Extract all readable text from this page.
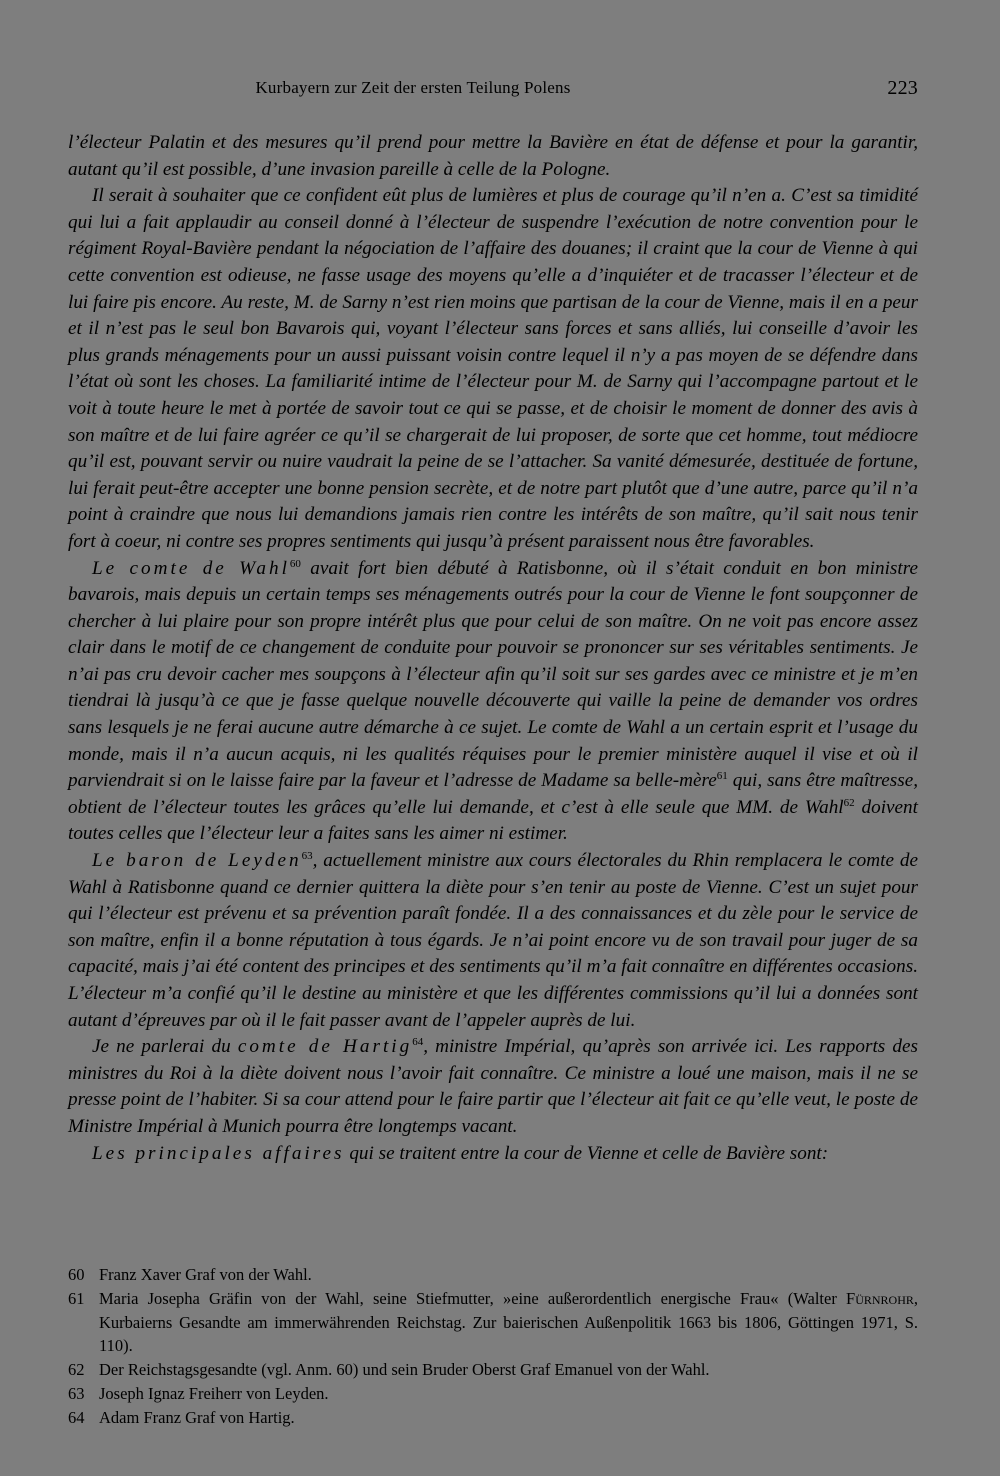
Kurbayern zur Zeit der ersten Teilung Polens	223

l’électeur Palatin et des mesures qu’il prend pour mettre la Bavière en état de défense et pour la garantir, autant qu’il est possible, d’une invasion pareille à celle de la Pologne.

Il serait à souhaiter que ce confident eût plus de lumières et plus de courage qu’il n’en a. C’est sa timidité qui lui a fait applaudir au conseil donné à l’électeur de suspendre l’exécution de notre convention pour le régiment Royal-Bavière pendant la négociation de l’affaire des douanes; il craint que la cour de Vienne à qui cette convention est odieuse, ne fasse usage des moyens qu’elle a d’inquiéter et de tracasser l’électeur et de lui faire pis encore. Au reste, M. de Sarny n’est rien moins que partisan de la cour de Vienne, mais il en a peur et il n’est pas le seul bon Bavarois qui, voyant l’électeur sans forces et sans alliés, lui conseille d’avoir les plus grands ménagements pour un aussi puissant voisin contre lequel il n’y a pas moyen de se défendre dans l’état où sont les choses. La familiarité intime de l’électeur pour M. de Sarny qui l’accompagne partout et le voit à toute heure le met à portée de savoir tout ce qui se passe, et de choisir le moment de donner des avis à son maître et de lui faire agréer ce qu’il se chargerait de lui proposer, de sorte que cet homme, tout médiocre qu’il est, pouvant servir ou nuire vaudrait la peine de se l’attacher. Sa vanité démesurée, destituée de fortune, lui ferait peut-être accepter une bonne pension secrète, et de notre part plutôt que d’une autre, parce qu’il n’a point à craindre que nous lui demandions jamais rien contre les intérêts de son maître, qu’il sait nous tenir fort à coeur, ni contre ses propres sentiments qui jusqu’à présent paraissent nous être favorables.

Le comte de Wahl$^{60}$ avait fort bien débuté à Ratisbonne, où il s’était conduit en bon ministre bavarois, mais depuis un certain temps ses ménagements outrés pour la cour de Vienne le font soupçonner de chercher à lui plaire pour son propre intérêt plus que pour celui de son maître. On ne voit pas encore assez clair dans le motif de ce changement de conduite pour pouvoir se prononcer sur ses véritables sentiments. Je n’ai pas cru devoir cacher mes soupçons à l’électeur afin qu’il soit sur ses gardes avec ce ministre et je m’en tiendrai là jusqu’à ce que je fasse quelque nouvelle découverte qui vaille la peine de demander vos ordres sans lesquels je ne ferai aucune autre démarche à ce sujet. Le comte de Wahl a un certain esprit et l’usage du monde, mais il n’a aucun acquis, ni les qualités réquises pour le premier ministère auquel il vise et où il parviendrait si on le laisse faire par la faveur et l’adresse de Madame sa belle-mère$^{61}$ qui, sans être maîtresse, obtient de l’électeur toutes les grâces qu’elle lui demande, et c’est à elle seule que MM. de Wahl$^{62}$ doivent toutes celles que l’électeur leur a faites sans les aimer ni estimer.

Le baron de Leyden$^{63}$, actuellement ministre aux cours électorales du Rhin remplacera le comte de Wahl à Ratisbonne quand ce dernier quittera la diète pour s’en tenir au poste de Vienne. C’est un sujet pour qui l’électeur est prévenu et sa prévention paraît fondée. Il a des connaissances et du zèle pour le service de son maître, enfin il a bonne réputation à tous égards. Je n’ai point encore vu de son travail pour juger de sa capacité, mais j’ai été content des principes et des sentiments qu’il m’a fait connaître en différentes occasions. L’électeur m’a confié qu’il le destine au ministère et que les différentes commissions qu’il lui a données sont autant d’épreuves par où il le fait passer avant de l’appeler auprès de lui.

Je ne parlerai du comte de Hartig$^{64}$, ministre Impérial, qu’après son arrivée ici. Les rapports des ministres du Roi à la diète doivent nous l’avoir fait connaître. Ce ministre a loué une maison, mais il ne se presse point de l’habiter. Si sa cour attend pour le faire partir que l’électeur ait fait ce qu’elle veut, le poste de Ministre Impérial à Munich pourra être longtemps vacant.

Les principales affaires qui se traitent entre la cour de Vienne et celle de Bavière sont:

60 Franz Xaver Graf von der Wahl.
61 Maria Josepha Gräfin von der Wahl, seine Stiefmutter, »eine außerordentlich energische Frau« (Walter Fürnrohr, Kurbaierns Gesandte am immerwährenden Reichstag. Zur baierischen Außenpolitik 1663 bis 1806, Göttingen 1971, S. 110).
62 Der Reichstagsgesandte (vgl. Anm. 60) und sein Bruder Oberst Graf Emanuel von der Wahl.
63 Joseph Ignaz Freiherr von Leyden.
64 Adam Franz Graf von Hartig.
